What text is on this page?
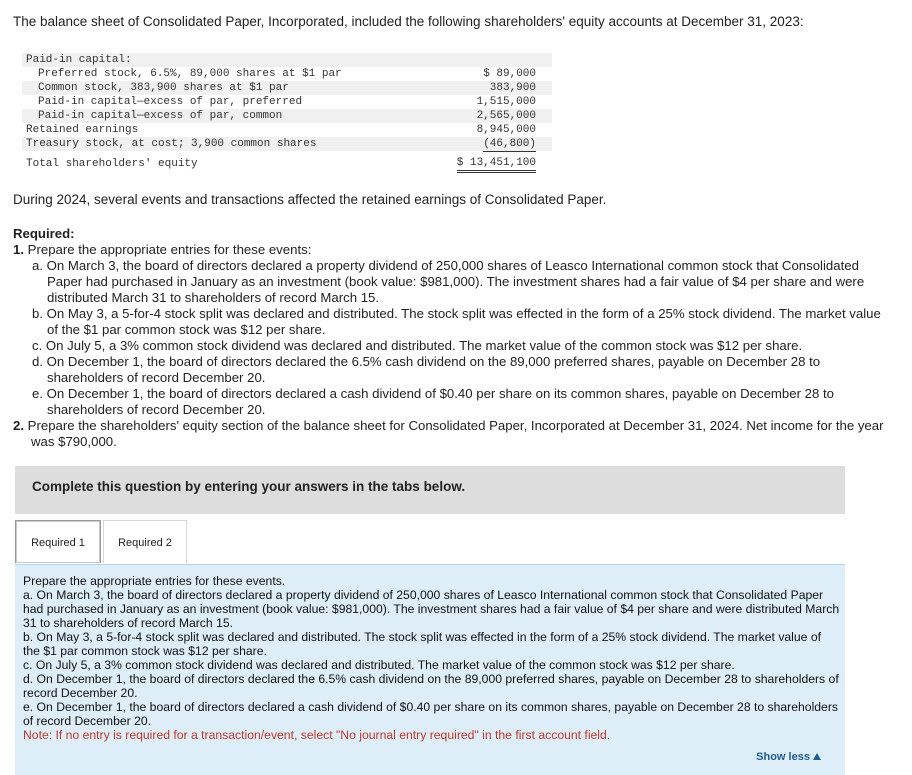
The balance sheet of Consolidated Paper, Incorporated, included the following shareholders' equity accounts at December 31, 2023:
Paid-in capital:
Preferred stock, 6.5%, 89,000 shares at $1 par	$ 89,000
Common stock, 383,900 shares at $1 par	383,900
Paid-in capital—excess of par, preferred	1,515,000
Paid-in capital—excess of par, common	2,565,000
Retained earnings	8,945,000
Treasury stock, at cost; 3,900 common shares	(46,800)
Total shareholders' equity	$ 13,451,100
During 2024, several events and transactions affected the retained earnings of Consolidated Paper.
Required:
1. Prepare the appropriate entries for these events:
a. On March 3, the board of directors declared a property dividend of 250,000 shares of Leasco International common stock that Consolidated Paper had purchased in January as an investment (book value: $981,000). The investment shares had a fair value of $4 per share and were distributed March 31 to shareholders of record March 15.
b. On May 3, a 5-for-4 stock split was declared and distributed. The stock split was effected in the form of a 25% stock dividend. The market value of the $1 par common stock was $12 per share.
c. On July 5, a 3% common stock dividend was declared and distributed. The market value of the common stock was $12 per share.
d. On December 1, the board of directors declared the 6.5% cash dividend on the 89,000 preferred shares, payable on December 28 to shareholders of record December 20.
e. On December 1, the board of directors declared a cash dividend of $0.40 per share on its common shares, payable on December 28 to shareholders of record December 20.
2. Prepare the shareholders' equity section of the balance sheet for Consolidated Paper, Incorporated at December 31, 2024. Net income for the year was $790,000.
Complete this question by entering your answers in the tabs below.
Required 1	Required 2

Prepare the appropriate entries for these events.

a. On March 3, the board of directors declared a property dividend of 250,000 shares of Leasco International common stock that Consolidated Paper had purchased in January as an investment (book value: $981,000). The investment shares had a fair value of $4 per share and were distributed March 31 to shareholders of record March 15.

b. On May 3, a 5-for-4 stock split was declared and distributed. The stock split was effected in the form of a 25% stock dividend. The market value of the $1 par common stock was $12 per share.

c. On July 5, a 3% common stock dividend was declared and distributed. The market value of the common stock was $12 per share.

d. On December 1, the board of directors declared the 6.5% cash dividend on the 89,000 preferred shares, payable on December 28 to shareholders of record December 20.

e. On December 1, the board of directors declared a cash dividend of $0.40 per share on its common shares, payable on December 28 to shareholders of record December 20.

Note: If no entry is required for a transaction/event, select "No journal entry required" in the first account field.

Show less
